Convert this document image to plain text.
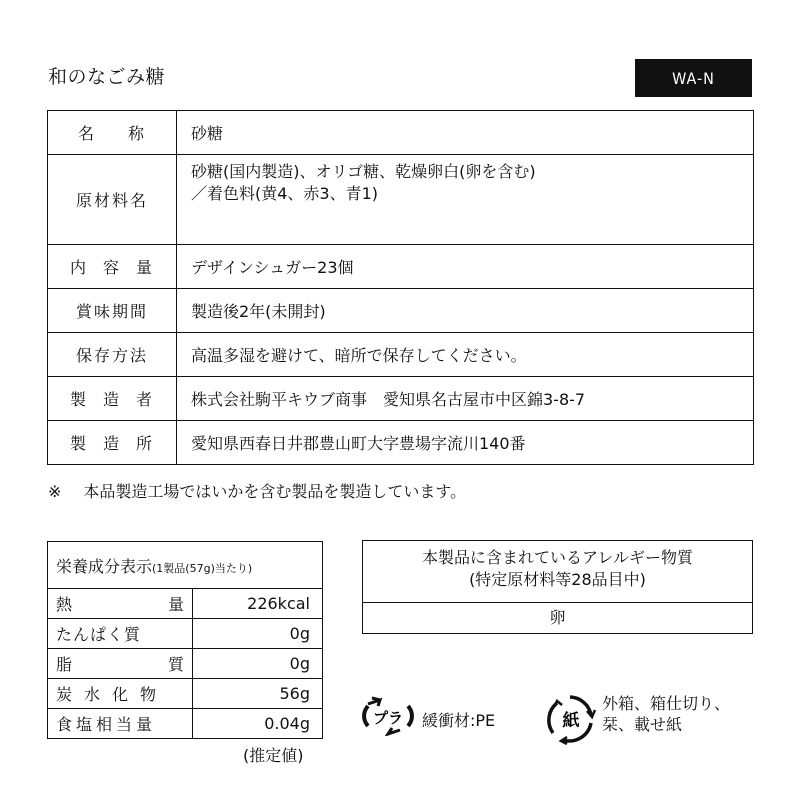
和のなごみ糖	WA-N
名 称	砂糖
原材料名	砂糖(国内製造)、オリゴ糖、乾燥卵白(卵を含む)
／着色料(黄4、赤3、青1)

内 容 量	デザインシュガー23個
賞味期間	製造後2年(未開封)
保存方法	高温多湿を避けて、暗所で保存してください。

製 造 者	株式会社駒平キウブ商事　愛知県名古屋市中区錦3-8-7

製 造 所	愛知県西春日井郡豊山町大字豊場字流川140番
※ 本品製造工場ではいかを含む製品を製造しています。
栄養成分表示(1製品(57g)当たり)	

熱 量	226kcal
たんぱく質	0g

脂 質	0g
炭水化物	56g
食塩相当量	0.04g
(推定値)
本製品に含まれているアレルギー物質
(特定原材料等28品目中)
卵
プラ 緩衝材:PE	紙
外箱、箱仕切り、
栞、載せ紙
